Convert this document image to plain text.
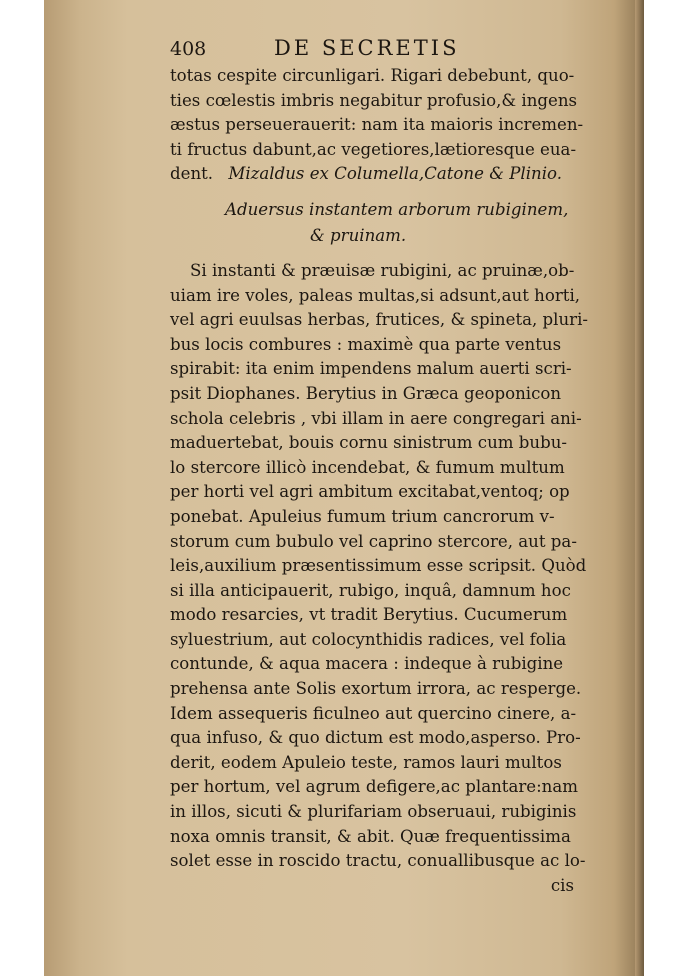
408	DE SECRETIS
totas cespite circunligari. Rigari debebunt, quo-
ties cœlestis imbris negabitur profusio,& ingens
æstus perseuerauerit: nam ita maioris incremen-
ti fructus dabunt,ac vegetiores,lætioresque eua-
dent. Mizaldus ex Columella,Catone & Plinio.
Aduersus instantem arborum rubiginem,
& pruinam.
Si instanti & præuisæ rubigini, ac pruinæ,ob-
uiam ire voles, paleas multas,si adsunt,aut horti,
vel agri euulsas herbas, frutices, & spineta, pluri-
bus locis combures : maximè qua parte ventus
spirabit: ita enim impendens malum auerti scri-
psit Diophanes. Berytius in Græca geoponicon
schola celebris , vbi illam in aere congregari ani-
maduertebat, bouis cornu sinistrum cum bubu-
lo stercore illicò incendebat, & fumum multum
per horti vel agri ambitum excitabat,ventoq; op
ponebat. Apuleius fumum trium cancrorum v-
storum cum bubulo vel caprino stercore, aut pa-
leis,auxilium præsentissimum esse scripsit. Quòd
si illa anticipauerit, rubigo, inquâ, damnum hoc
modo resarcies, vt tradit Berytius. Cucumerum
syluestrium, aut colocynthidis radices, vel folia
contunde, & aqua macera : indeque à rubigine
prehensa ante Solis exortum irrora, ac resperge.
Idem assequeris ficulneo aut quercino cinere, a-
qua infuso, & quo dictum est modo,asperso. Pro-
derit, eodem Apuleio teste, ramos lauri multos
per hortum, vel agrum defigere,ac plantare:nam
in illos, sicuti & plurifariam obseruaui, rubiginis
noxa omnis transit, & abit. Quæ frequentissima
solet esse in roscido tractu, conuallibusque ac lo-
cis
